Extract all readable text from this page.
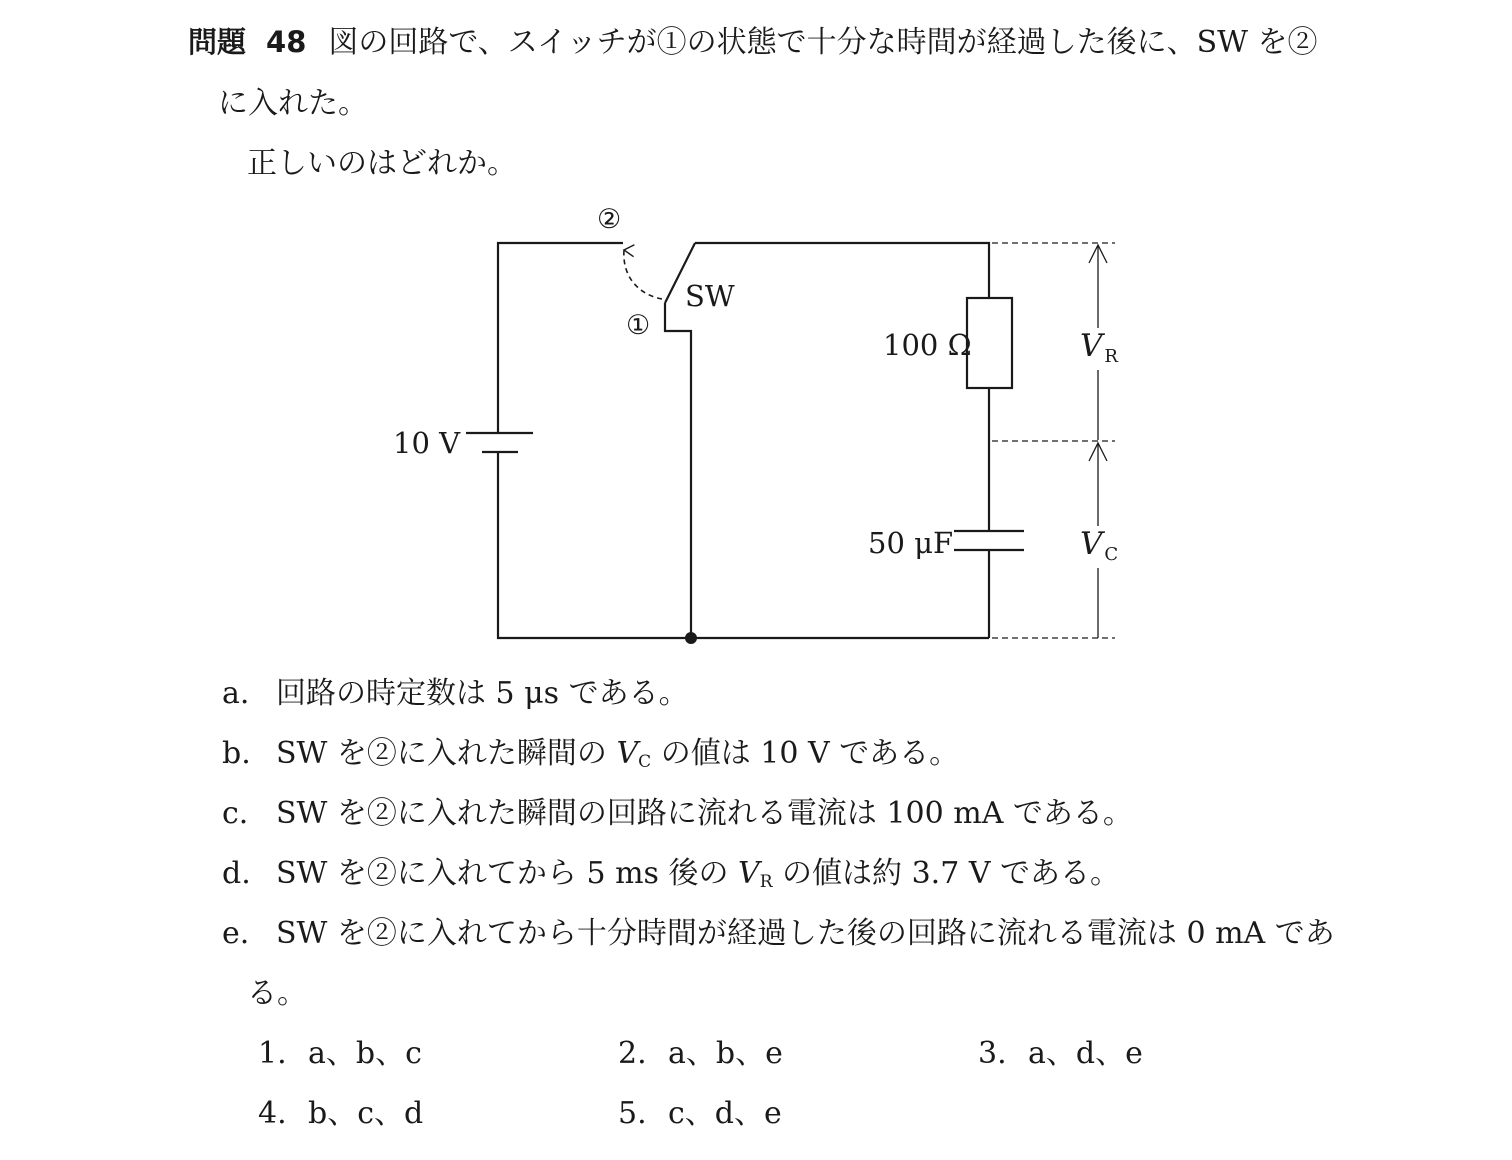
問題 48 図の回路で、スイッチが①の状態で十分な時間が経過した後に、SW を②
に入れた。
正しいのはどれか。
②
①
SW
10 V
100 Ω
50 μF
V R
V C
a. 回路の時定数は 5 μs である。
b. SW を②に入れた瞬間の $V_C$ の値は 10 V である。
c. SW を②に入れた瞬間の回路に流れる電流は 100 mA である。
d. SW を②に入れてから 5 ms 後の $V_R$ の値は約 3.7 V である。
e. SW を②に入れてから十分時間が経過した後の回路に流れる電流は 0 mA であ
る。
1. a、b、c	2. a、b、e	3. a、d、e
4. b、c、d	5. c、d、e
